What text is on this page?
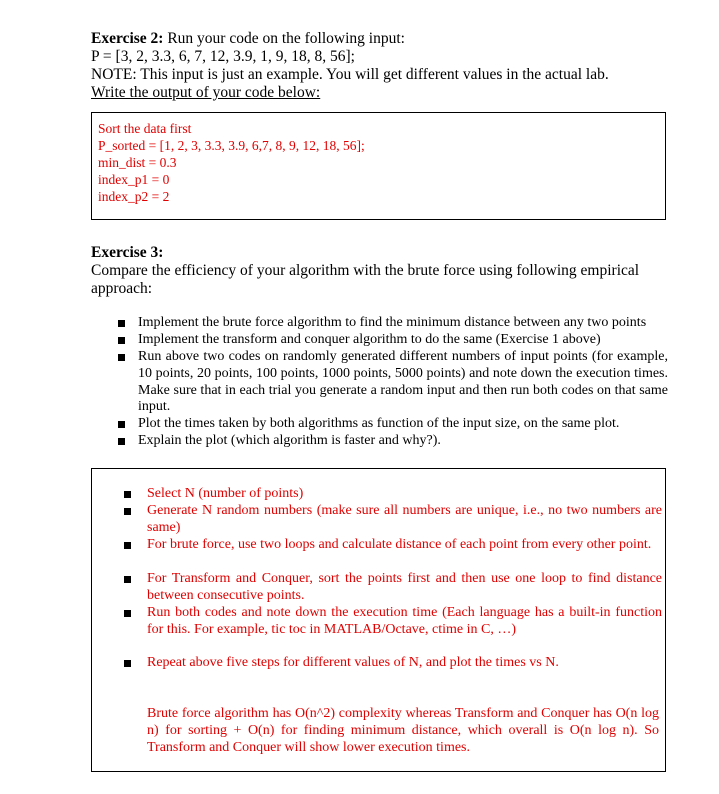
Exercise 2: Run your code on the following input:
P = [3, 2, 3.3, 6, 7, 12, 3.9, 1, 9, 18, 8, 56];
NOTE: This input is just an example. You will get different values in the actual lab.
Write the output of your code below:
Sort the data first
P_sorted = [1, 2, 3, 3.3, 3.9, 6,7, 8, 9, 12, 18, 56];
min_dist = 0.3
index_p1 = 0
index_p2 = 2
Exercise 3:
Compare the efficiency of your algorithm with the brute force using following empirical
approach:
Implement the brute force algorithm to find the minimum distance between any two points
Implement the transform and conquer algorithm to do the same (Exercise 1 above)
Run above two codes on randomly generated different numbers of input points (for example, 10 points, 20 points, 100 points, 1000 points, 5000 points) and note down the execution times. Make sure that in each trial you generate a random input and then run both codes on that same input.
Plot the times taken by both algorithms as function of the input size, on the same plot.
Explain the plot (which algorithm is faster and why?).
Select N (number of points)
Generate N random numbers (make sure all numbers are unique, i.e., no two numbers are same)
For brute force, use two loops and calculate distance of each point from every other point.
For Transform and Conquer, sort the points first and then use one loop to find distance between consecutive points.
Run both codes and note down the execution time (Each language has a built-in function for this. For example, tic toc in MATLAB/Octave, ctime in C, …)
Repeat above five steps for different values of N, and plot the times vs N.
Brute force algorithm has O(n^2) complexity whereas Transform and Conquer has O(n log n) for sorting + O(n) for finding minimum distance, which overall is O(n log n). So Transform and Conquer will show lower execution times.
